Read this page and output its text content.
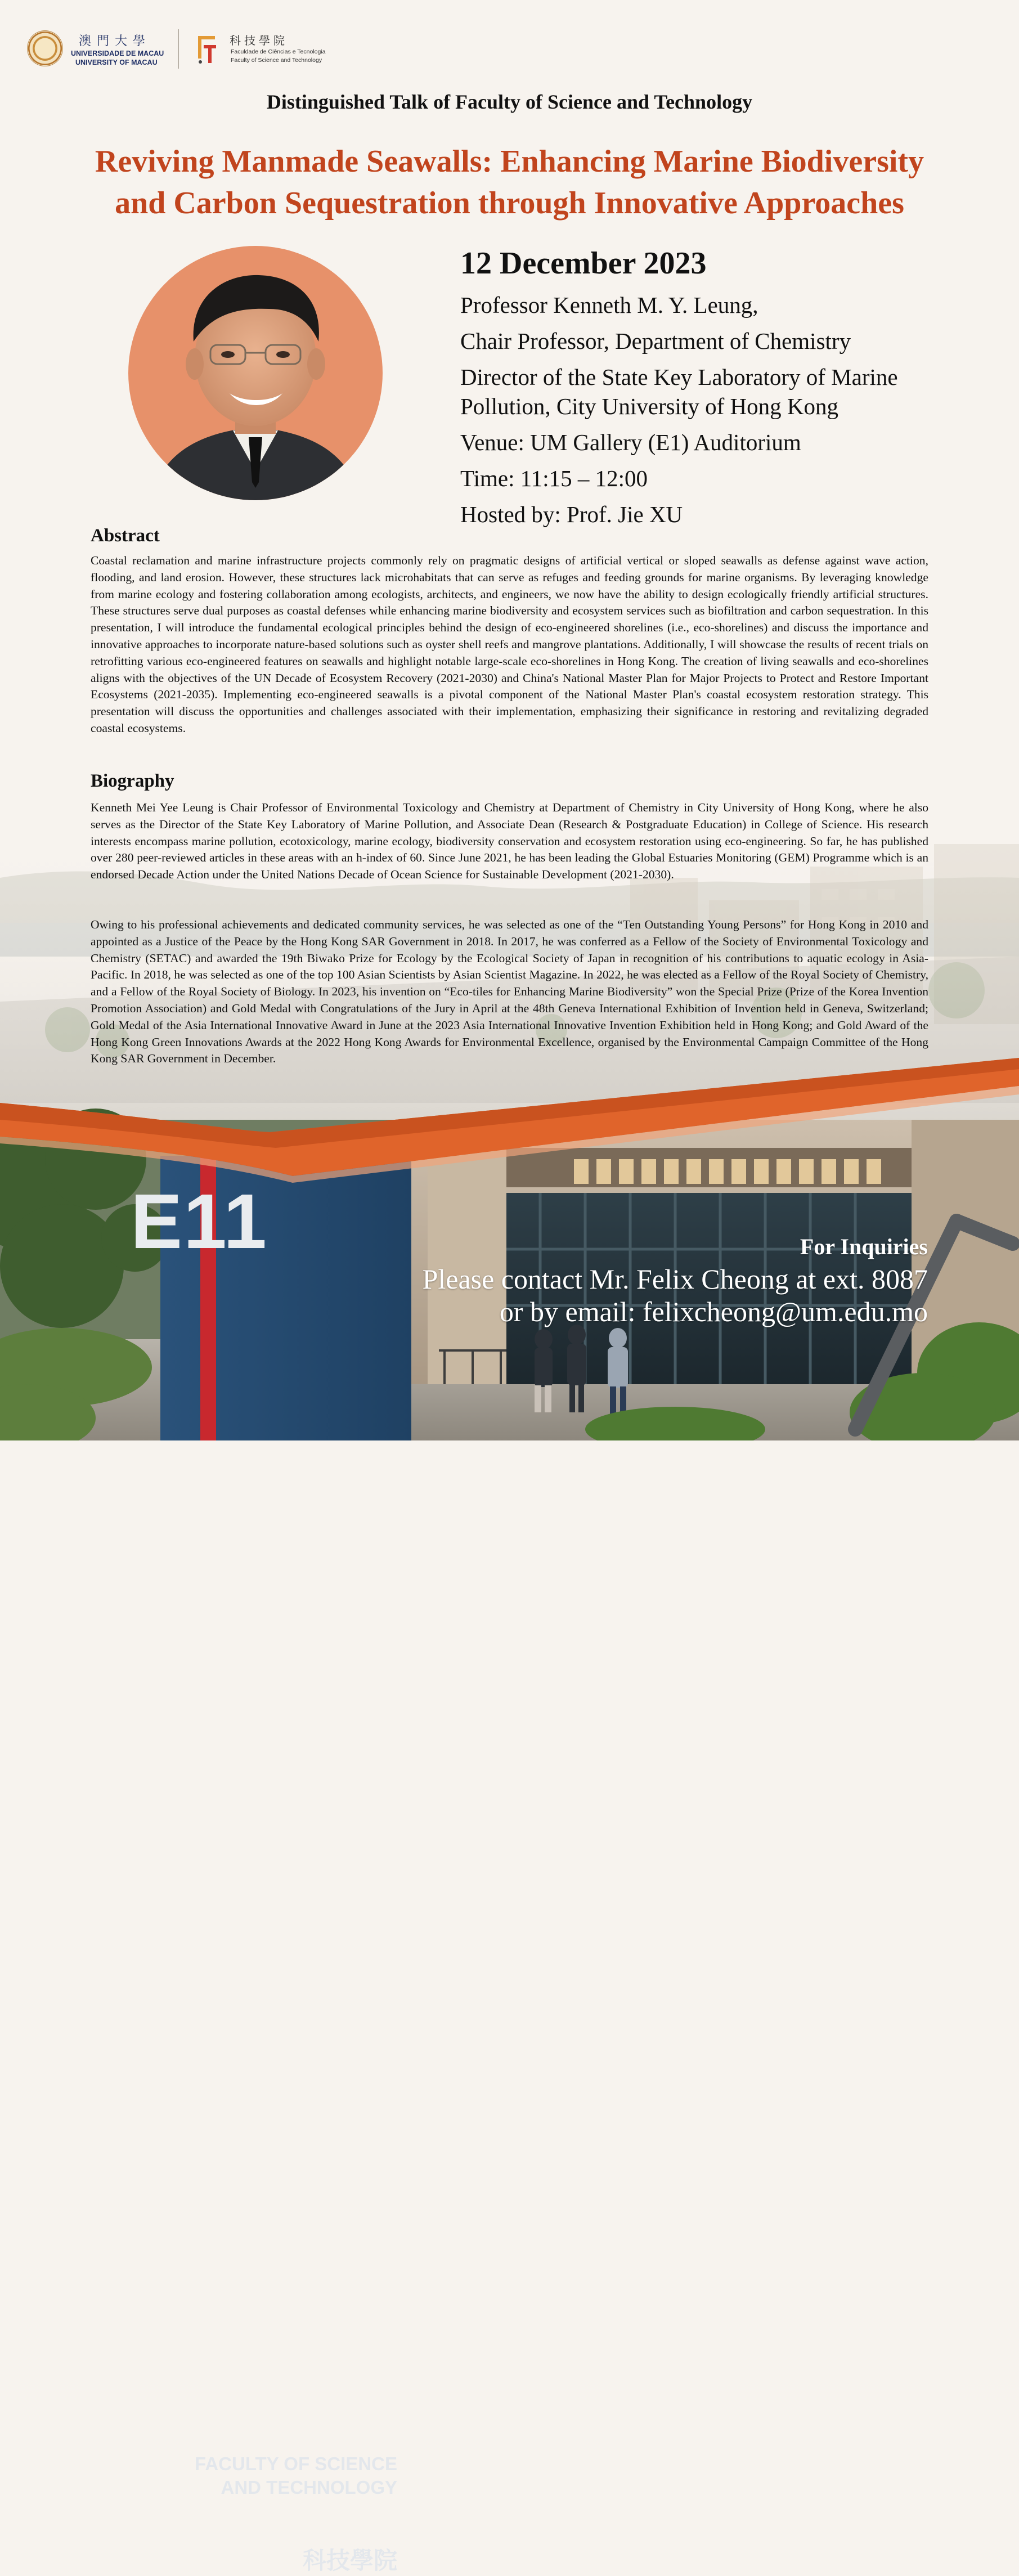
澳門大學
UNIVERSIDADE DE MACAU
UNIVERSITY OF MACAU
科技學院
Faculdade de Ciências e Tecnologia
Faculty of Science and Technology
Distinguished Talk of Faculty of Science and Technology
Reviving Manmade Seawalls: Enhancing Marine Biodiversity
and Carbon Sequestration through Innovative Approaches
12 December 2023
Professor Kenneth M. Y. Leung,
Chair Professor, Department of Chemistry
Director of the State Key Laboratory of Marine
Pollution, City University of Hong Kong
Venue: UM Gallery (E1) Auditorium
Time: 11:15 – 12:00
Hosted by: Prof. Jie XU
Abstract
Coastal reclamation and marine infrastructure projects commonly rely on pragmatic designs of artificial vertical or sloped seawalls as defense against wave action, flooding, and land erosion. However, these structures lack microhabitats that can serve as refuges and feeding grounds for marine organisms. By leveraging knowledge from marine ecology and fostering collaboration among ecologists, architects, and engineers, we now have the ability to design ecologically friendly artificial structures. These structures serve dual purposes as coastal defenses while enhancing marine biodiversity and ecosystem services such as biofiltration and carbon sequestration. In this presentation, I will introduce the fundamental ecological principles behind the design of eco-engineered shorelines (i.e., eco-shorelines) and discuss the importance and innovative approaches to incorporate nature-based solutions such as oyster shell reefs and mangrove plantations. Additionally, I will showcase the results of recent trials on retrofitting various eco-engineered features on seawalls and highlight notable large-scale eco-shorelines in Hong Kong. The creation of living seawalls and eco-shorelines aligns with the objectives of the UN Decade of Ecosystem Recovery (2021-2030) and China's National Master Plan for Major Projects to Protect and Restore Important Ecosystems (2021-2035). Implementing eco-engineered seawalls is a pivotal component of the National Master Plan's coastal ecosystem restoration strategy. This presentation will discuss the opportunities and challenges associated with their implementation, emphasizing their significance in restoring and revitalizing degraded coastal ecosystems.
Biography
Kenneth Mei Yee Leung is Chair Professor of Environmental Toxicology and Chemistry at Department of Chemistry in City University of Hong Kong, where he also serves as the Director of the State Key Laboratory of Marine Pollution, and Associate Dean (Research & Postgraduate Education) in College of Science. His research interests encompass marine pollution, ecotoxicology, marine ecology, biodiversity conservation and ecosystem restoration using eco-engineering. So far, he has published over 280 peer-reviewed articles in these areas with an h-index of 60. Since June 2021, he has been leading the Global Estuaries Monitoring (GEM) Programme which is an endorsed Decade Action under the United Nations Decade of Ocean Science for Sustainable Development (2021-2030).
Owing to his professional achievements and dedicated community services, he was selected as one of the “Ten Outstanding Young Persons” for Hong Kong in 2010 and appointed as a Justice of the Peace by the Hong Kong SAR Government in 2018. In 2017, he was conferred as a Fellow of the Society of Environmental Toxicology and Chemistry (SETAC) and awarded the 19th Biwako Prize for Ecology by the Ecological Society of Japan in recognition of his contributions to aquatic ecology in Asia-Pacific. In 2018, he was selected as one of the top 100 Asian Scientists by Asian Scientist Magazine. In 2022, he was elected as a Fellow of the Royal Society of Chemistry, and a Fellow of the Royal Society of Biology. In 2023, his invention on “Eco-tiles for Enhancing Marine Biodiversity” won the Special Prize (Prize of the Korea Invention Promotion Association) and Gold Medal with Congratulations of the Jury in April at the 48th Geneva International Exhibition of Invention held in Geneva, Switzerland; Gold Medal of the Asia International Innovative Award in June at the 2023 Asia International Innovative Invention Exhibition held in Hong Kong; and Gold Award of the Hong Kong Green Innovations Awards at the 2022 Hong Kong Awards for Environmental Excellence, organised by the Environmental Campaign Committee of the Hong Kong SAR Government in December.
E11
FACULTY OF SCIENCE
AND TECHNOLOGY
科技學院
For Inquiries
Please contact Mr. Felix Cheong at ext. 8087
or by email: felixcheong@um.edu.mo
